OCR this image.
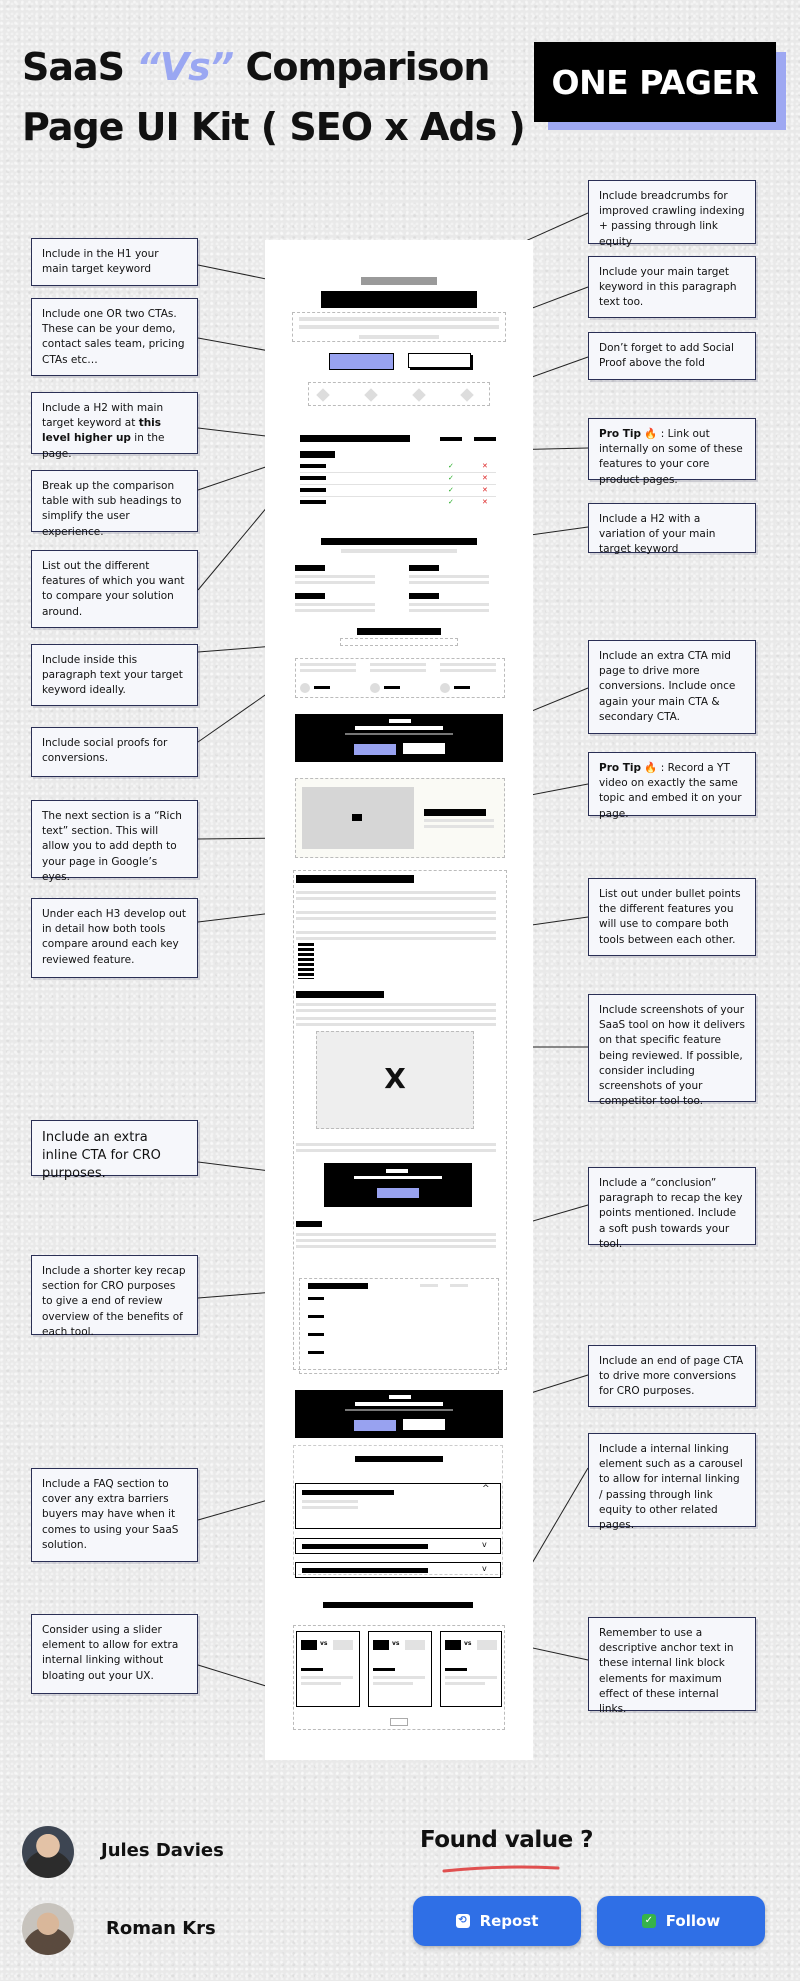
SaaS “Vs” Comparison
Page UI Kit ( SEO x Ads )
ONE PAGER
✓	✕
✓	✕
✓	✕
✓	✕
X
^
v
v
vs	vs	vs
Include in the H1 your main target keyword
Include one OR two CTAs. These can be your demo, contact sales team, pricing CTAs etc…
Include a H2 with main target keyword at this level higher up in the page.
Break up the comparison table with sub headings to simplify the user experience.
List out the different features of which you want to compare your solution around.
Include inside this paragraph text your target keyword ideally.
Include social proofs for conversions.
The next section is a “Rich text” section. This will allow you to add depth to your page in Google’s eyes.
Under each H3 develop out in detail how both tools compare around each key reviewed feature.
Include an extra inline CTA for CRO purposes.
Include a shorter key recap section for CRO purposes to give a end of review overview of the benefits of each tool.
Include a FAQ section to cover any extra barriers buyers may have when it comes to using your SaaS solution.
Consider using a slider element to allow for extra internal linking without bloating out your UX.
Include breadcrumbs for improved crawling indexing + passing through link equity
Include your main target keyword in this paragraph text too.
Don’t forget to add Social Proof above the fold
Pro Tip 🔥 : Link out internally on some of these features to your core product pages.
Include a H2 with a variation of your main target keyword
Include an extra CTA mid page to drive more conversions. Include once again your main CTA & secondary CTA.
Pro Tip 🔥 : Record a YT video on exactly the same topic and embed it on your page.
List out under bullet points the different features you will use to compare both tools between each other.
Include screenshots of your SaaS tool on how it delivers on that specific feature being reviewed. If possible, consider including screenshots of your competitor tool too.
Include a “conclusion” paragraph to recap the key points mentioned. Include a soft push towards your tool.
Include an end of page CTA to drive more conversions for CRO purposes.
Include a internal linking element such as a carousel to allow for internal linking / passing through link equity to other related pages.
Remember to use a descriptive anchor text in these internal link block elements for maximum effect of these internal links.
Jules Davies
Roman Krs
Found value ?
⟲ Repost	✓ Follow
